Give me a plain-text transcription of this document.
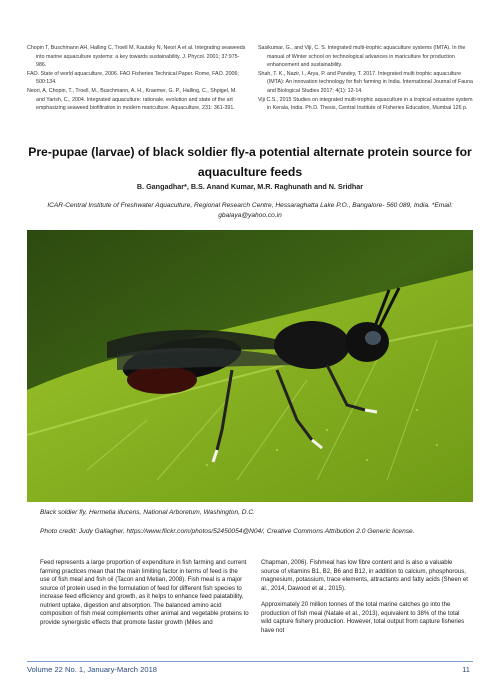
Chopin T, Buschmann AH, Halling C, Troell M, Kautsky N, Neori A et al. Integrating seaweeds into marine aquaculture systems: a key towards sustainability. J. Phycol. 2001; 37:975-986.

FAO. State of world aquaculture, 2006. FAO Fisheries Technical Paper. Rome, FAO. 2006; 500:134.

Neori, A, Chopin, T., Troell, M., Buschmann, A. H., Kraemer, G. P., Halling, C., Shpigel, M. and Yarish, C., 2004. Integrated aquaculture: rationale, evolution and state of the art emphasizing seaweed biofiltration in modern mariculture. Aquaculture, 231: 361-391.

Sasikumar, G., and Viji, C. S. Integrated multi-trophic aquaculture systems (IMTA). In the manual of Winter school on technological advances in mariculture for production enhancement and sustainability.

Shah, T. K., Nazir, I., Arya, P. and Pandey, T. 2017. Integrated multi trophic aquaculture (IMTA): An innovation technology for fish farming in India. International Journal of Fauna and Biological Studies 2017; 4(1): 12-14.

Viji C.S., 2015 Studies on integrated multi-trophic aquaculture in a tropical estuarine system in Kerala, India. Ph.D. Thesis, Central Institute of Fisheries Education, Mumbai 126 p.

Pre-pupae (larvae) of black soldier fly-a potential alternate protein source for aquaculture feeds

B. Gangadhar*, B.S. Anand Kumar, M.R. Raghunath and N. Sridhar

ICAR-Central Institute of Freshwater Aquaculture, Regional Research Centre, Hessaraghatta Lake P.O., Bangalore- 560 089, India. *Email: gbalaya@yahoo.co.in

Black soldier fly, Hermetia illucens, National Arboretum, Washington, D.C.

Photo credit: Judy Gallagher, https://www.flickr.com/photos/52450054@N04/, Creative Commons Attribution 2.0 Generic license.

Feed represents a large proportion of expenditure in fish farming and current farming practices mean that the main limiting factor in terms of feed is the use of fish meal and fish oil (Tacon and Metian, 2008). Fish meal is a major source of protein used in the formulation of feed for different fish species to increase feed efficiency and growth, as it helps to enhance feed palatability, nutrient uptake, digestion and absorption. The balanced amino acid composition of fish meal complements other animal and vegetable proteins to provide synergistic effects that promote faster growth (Miles and

Chapman, 2006). Fishmeal has low fibre content and is also a valuable source of vitamins B1, B2, B6 and B12, in addition to calcium, phosphorous, magnesium, potassium, trace elements, attractants and fatty acids (Sheen et al., 2014, Dawood et al., 2015).

Approximately 20 million tonnes of the total marine catches go into the production of fish meal (Natale et al., 2013), equivalent to 38% of the total wild capture fishery production. However, total output from capture fisheries have not

Volume 22 No. 1, January-March 2018	11
